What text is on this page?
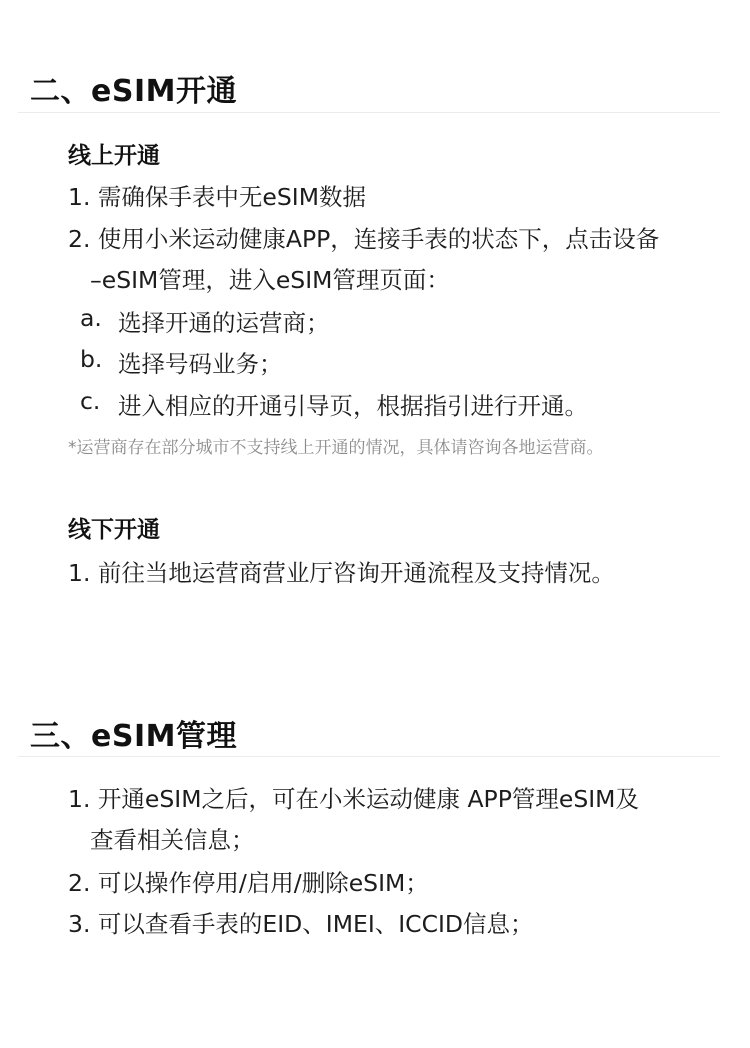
二、eSIM开通
线上开通
1. 需确保手表中无eSIM数据
2. 使用小米运动健康APP，连接手表的状态下，点击设备
–eSIM管理，进入eSIM管理页面：
a. 选择开通的运营商；
b. 选择号码业务；
c. 进入相应的开通引导页，根据指引进行开通。
*运营商存在部分城市不支持线上开通的情况，具体请咨询各地运营商。
线下开通
1. 前往当地运营商营业厅咨询开通流程及支持情况。
三、eSIM管理
1. 开通eSIM之后，可在小米运动健康 APP管理eSIM及
查看相关信息；
2. 可以操作停用/启用/删除eSIM；
3. 可以查看手表的EID、IMEI、ICCID信息；
